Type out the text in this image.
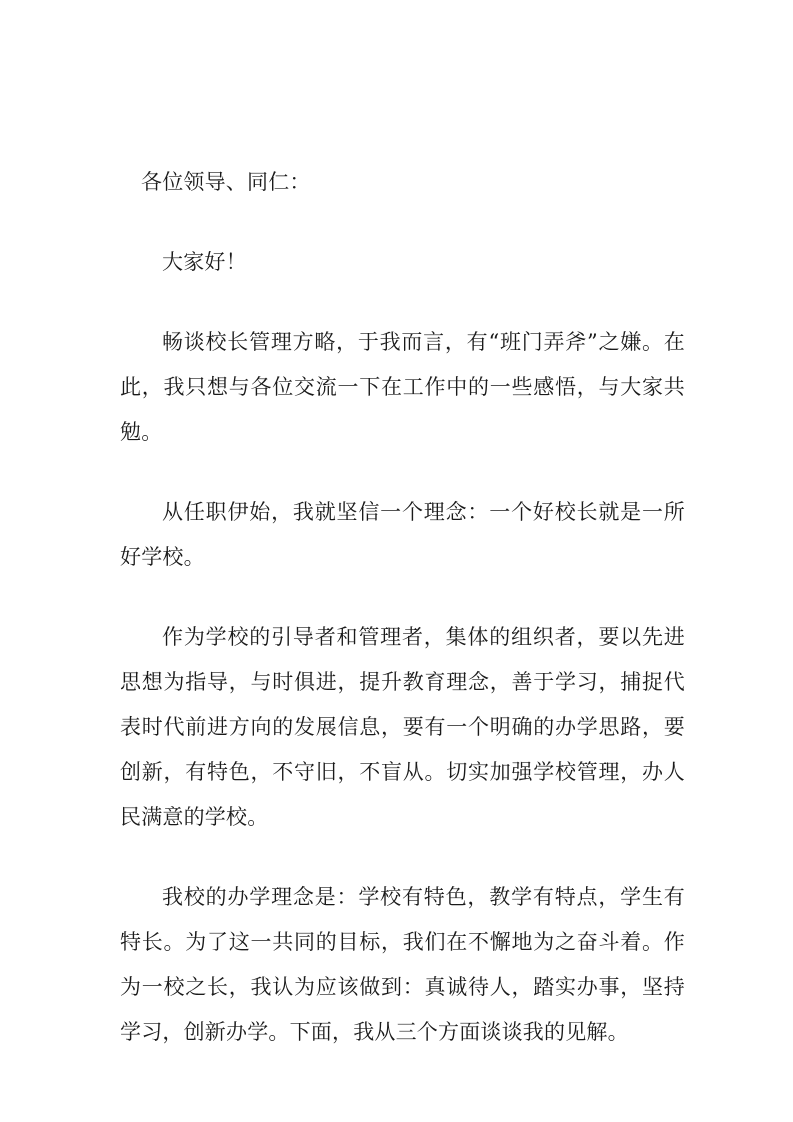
各位领导、同仁：

大家好！

畅谈校长管理方略，于我而言，有“班门弄斧”之嫌。在此，我只想与各位交流一下在工作中的一些感悟，与大家共勉。

从任职伊始，我就坚信一个理念：一个好校长就是一所好学校。

作为学校的引导者和管理者，集体的组织者，要以先进思想为指导，与时俱进，提升教育理念，善于学习，捕捉代表时代前进方向的发展信息，要有一个明确的办学思路，要创新，有特色，不守旧，不盲从。切实加强学校管理，办人民满意的学校。

我校的办学理念是：学校有特色，教学有特点，学生有特长。为了这一共同的目标，我们在不懈地为之奋斗着。作为一校之长，我认为应该做到：真诚待人，踏实办事，坚持学习，创新办学。下面，我从三个方面谈谈我的见解。
